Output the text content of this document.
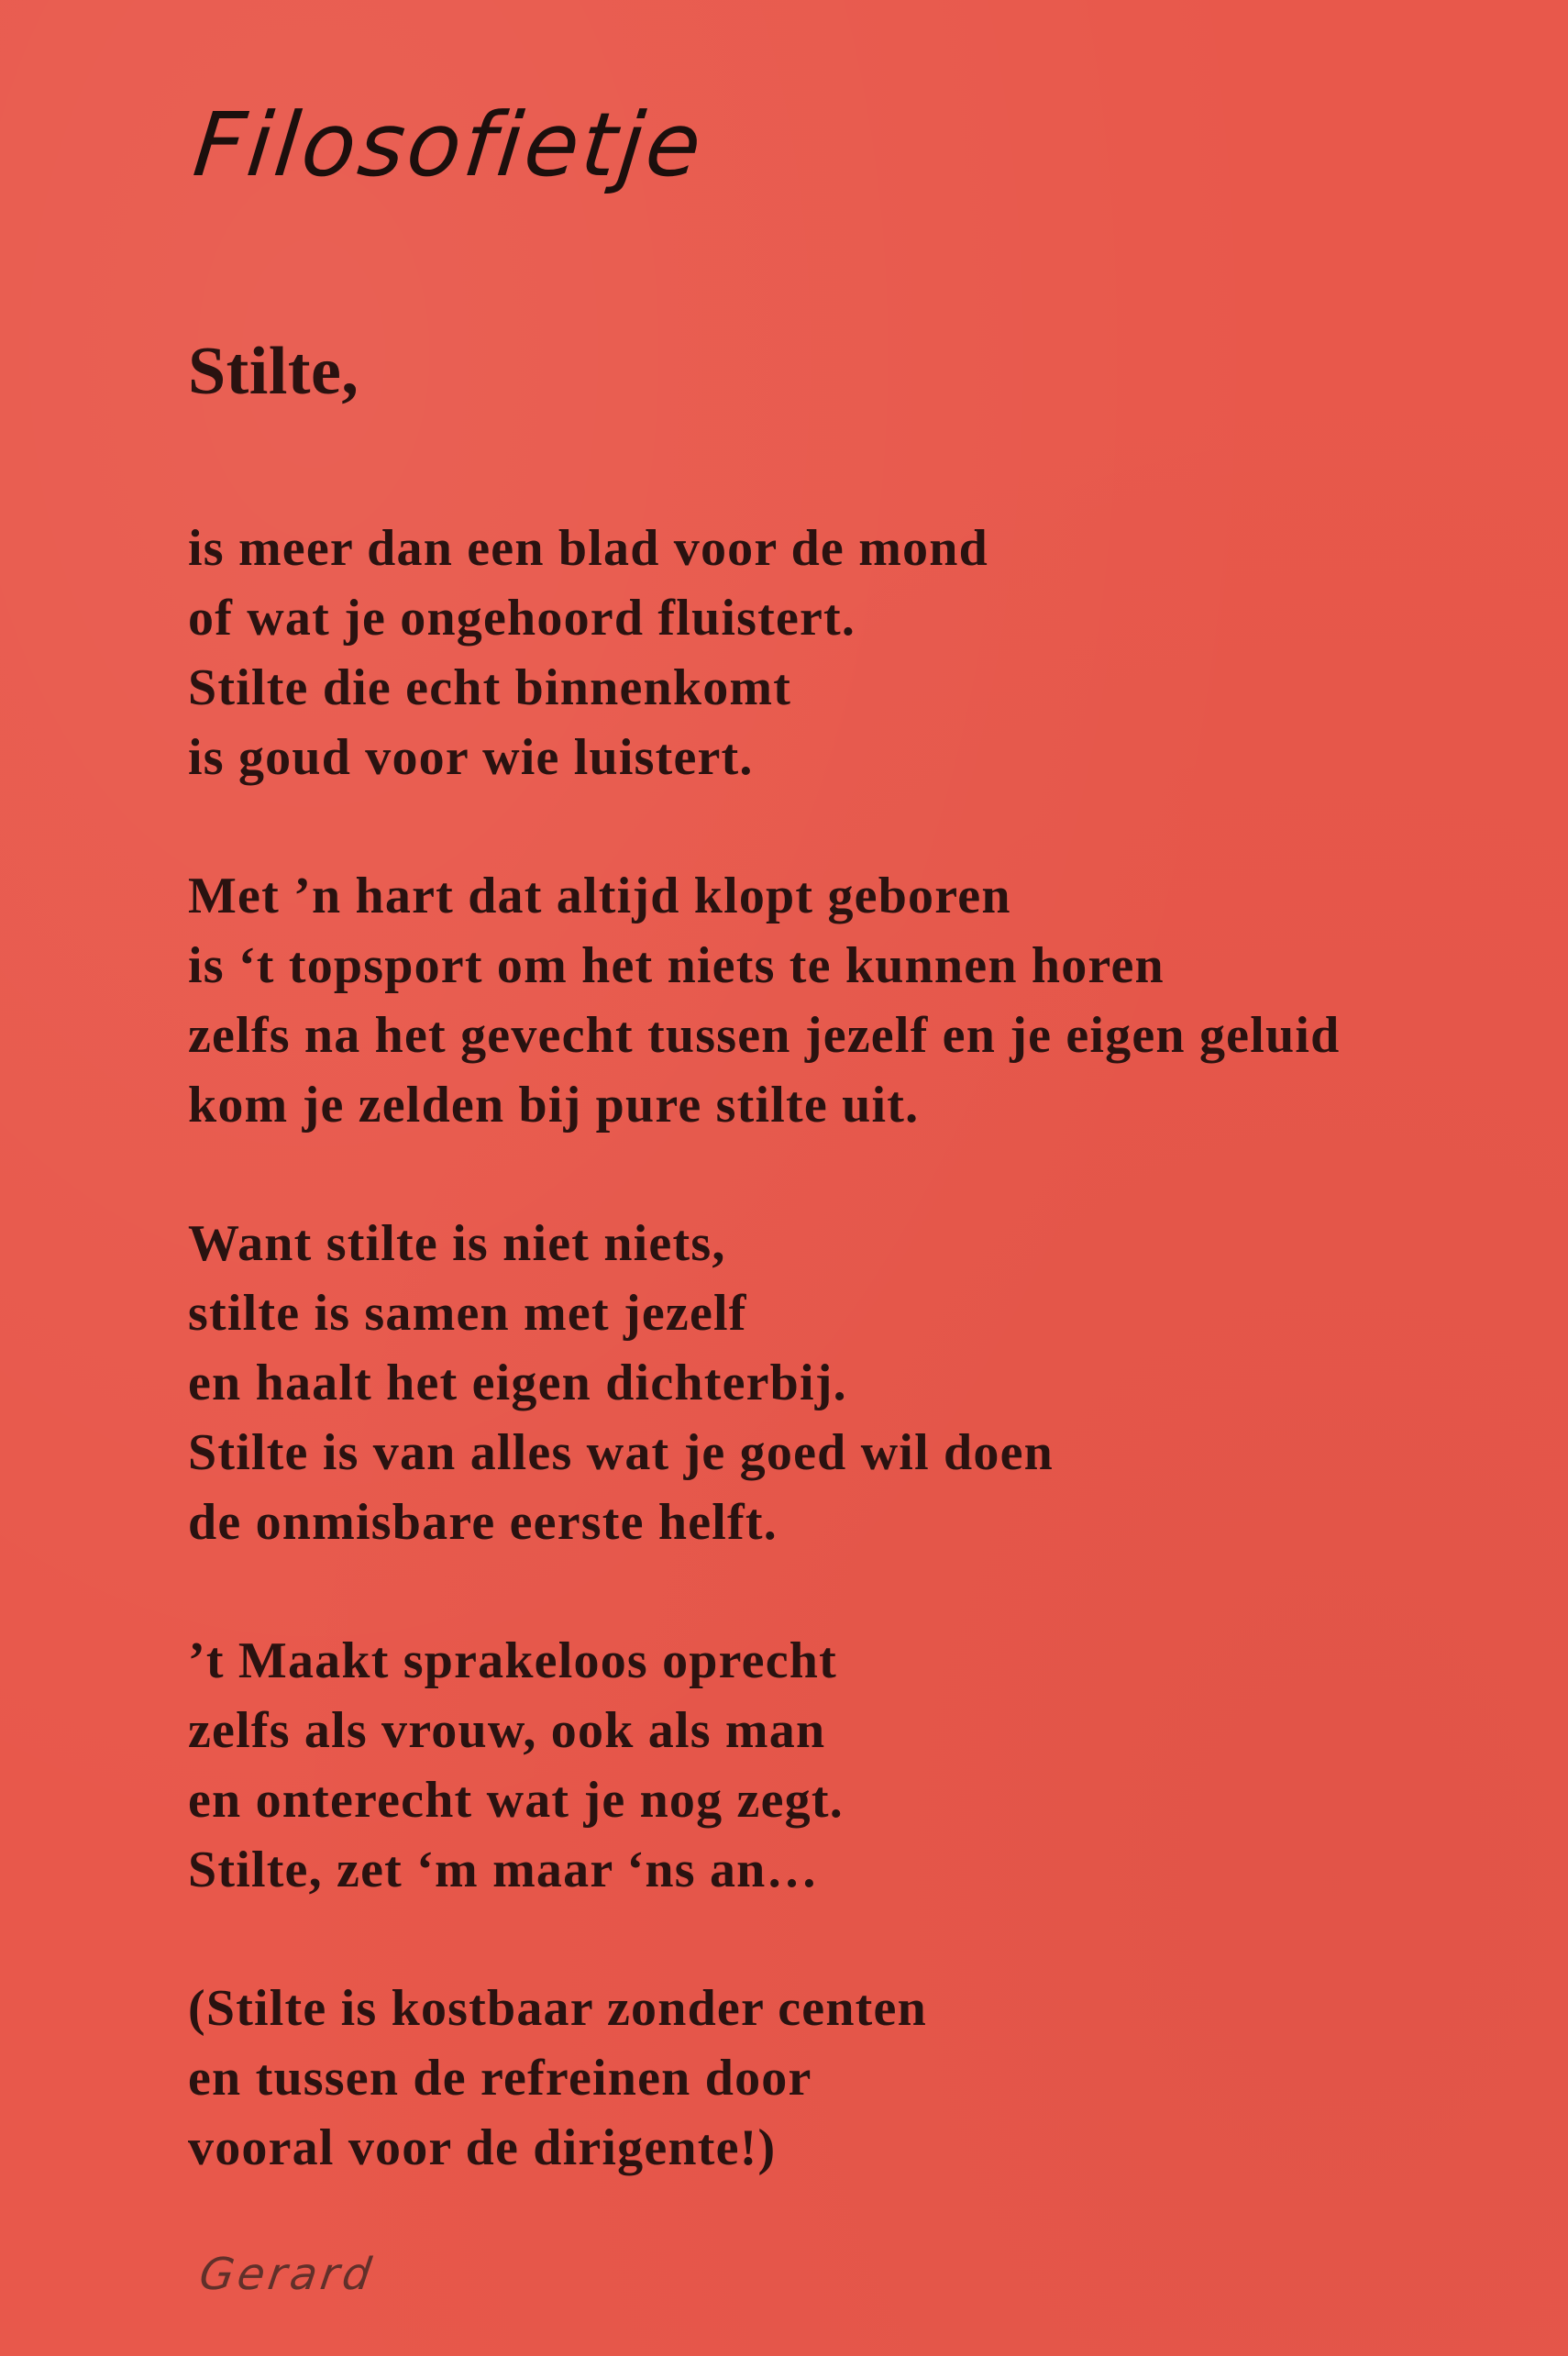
Filosofietje
Stilte,
is meer dan een blad voor de mond
of wat je ongehoord fluistert.
Stilte die echt binnenkomt
is goud voor wie luistert.
Met ’n hart dat altijd klopt geboren
is ‘t topsport om het niets te kunnen horen
zelfs na het gevecht tussen jezelf en je eigen geluid
kom je zelden bij pure stilte uit.
Want stilte is niet niets,
stilte is samen met jezelf
en haalt het eigen dichterbij.
Stilte is van alles wat je goed wil doen
de onmisbare eerste helft.
’t Maakt sprakeloos oprecht
zelfs als vrouw, ook als man
en onterecht wat je nog zegt.
Stilte, zet ‘m maar ‘ns an…
(Stilte is kostbaar zonder centen
en tussen de refreinen door
vooral voor de dirigente!)
Gerard
